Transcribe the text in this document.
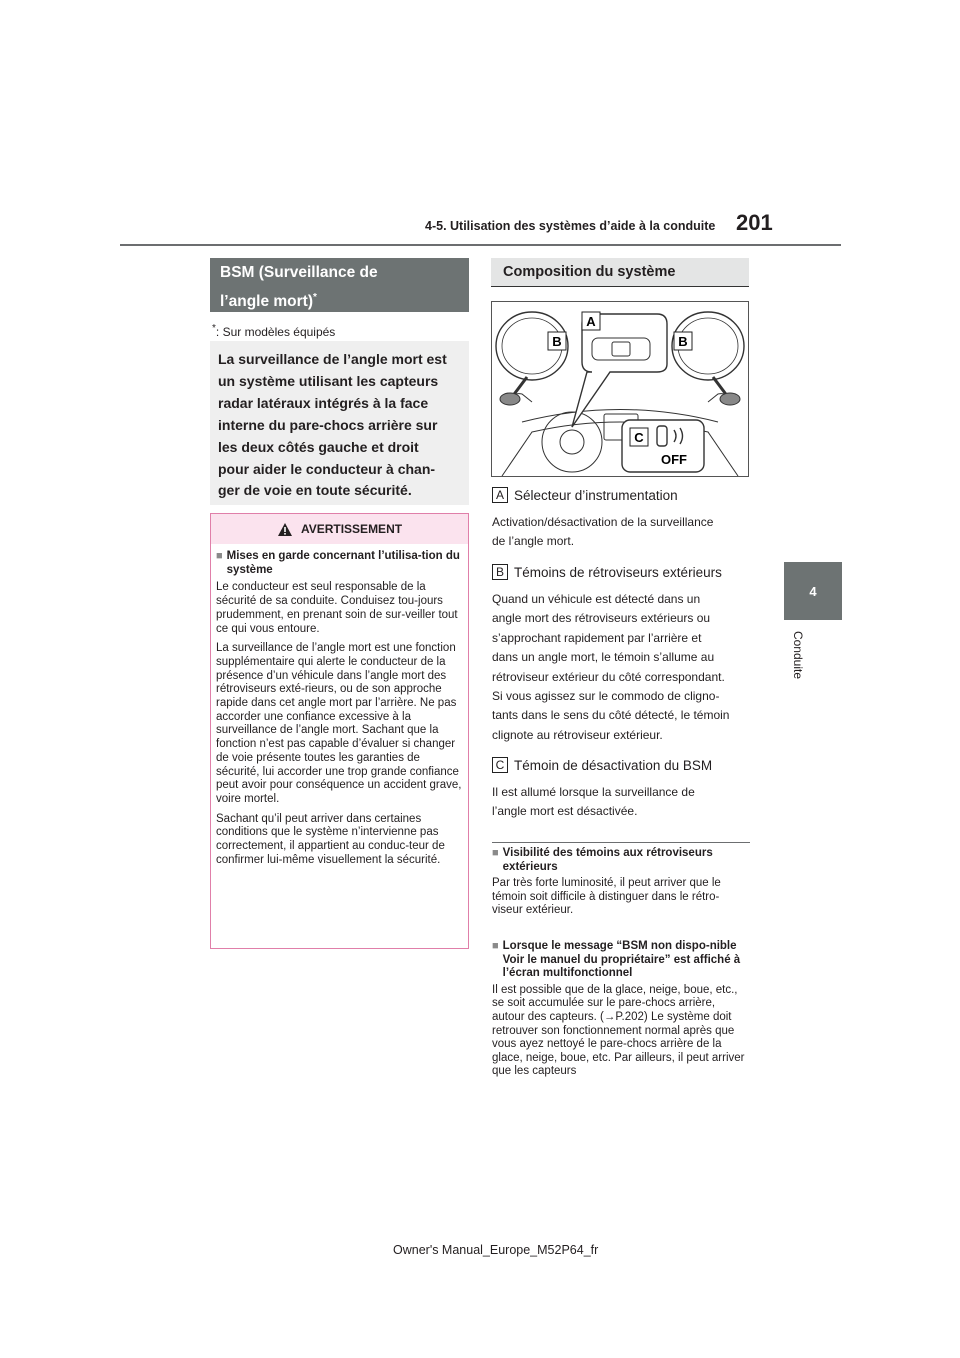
4-5. Utilisation des systèmes d’aide à la conduite 201
4
Conduite
BSM (Surveillance de
l’angle mort)*
*: Sur modèles équipés
La surveillance de l’angle mort est
un système utilisant les capteurs
radar latéraux intégrés à la face
interne du pare-chocs arrière sur
les deux côtés gauche et droit
pour aider le conducteur à chan-
ger de voie en toute sécurité.
AVERTISSEMENT
■ Mises en garde concernant l’utilisa-tion du système

Le conducteur est seul responsable de la sécurité de sa conduite. Conduisez tou-jours prudemment, en prenant soin de sur-veiller tout ce qui vous entoure.

La surveillance de l’angle mort est une fonction supplémentaire qui alerte le conducteur de la présence d’un véhicule dans l’angle mort des rétroviseurs exté-rieurs, ou de son approche rapide dans cet angle mort par l’arrière. Ne pas accorder une confiance excessive à la surveillance de l’angle mort. Sachant que la fonction n’est pas capable d’évaluer si changer de voie présente toutes les garanties de sécurité, lui accorder une trop grande confiance peut avoir pour conséquence un accident grave, voire mortel.

Sachant qu’il peut arriver dans certaines conditions que le système n’intervienne pas correctement, il appartient au conduc-teur de confirmer lui-même visuellement la sécurité.

Composition du système
A
B	B
C
OFF
A Sélecteur d’instrumentation
Activation/désactivation de la surveillance
de l’angle mort.
B Témoins de rétroviseurs extérieurs
Quand un véhicule est détecté dans un
angle mort des rétroviseurs extérieurs ou
s’approchant rapidement par l’arrière et
dans un angle mort, le témoin s’allume au
rétroviseur extérieur du côté correspondant.
Si vous agissez sur le commodo de cligno-
tants dans le sens du côté détecté, le témoin
clignote au rétroviseur extérieur.
C Témoin de désactivation du BSM
Il est allumé lorsque la surveillance de
l’angle mort est désactivée.
■ Visibilité des témoins aux rétroviseurs extérieurs
Par très forte luminosité, il peut arriver que le témoin soit difficile à distinguer dans le rétro-viseur extérieur.
■ Lorsque le message “BSM non dispo-nible Voir le manuel du propriétaire” est affiché à l’écran multifonctionnel
Il est possible que de la glace, neige, boue, etc., se soit accumulée sur le pare-chocs arrière, autour des capteurs. (→P.202) Le système doit retrouver son fonctionnement normal après que vous ayez nettoyé le pare-chocs arrière de la glace, neige, boue, etc. Par ailleurs, il peut arriver que les capteurs
Owner's Manual_Europe_M52P64_fr
